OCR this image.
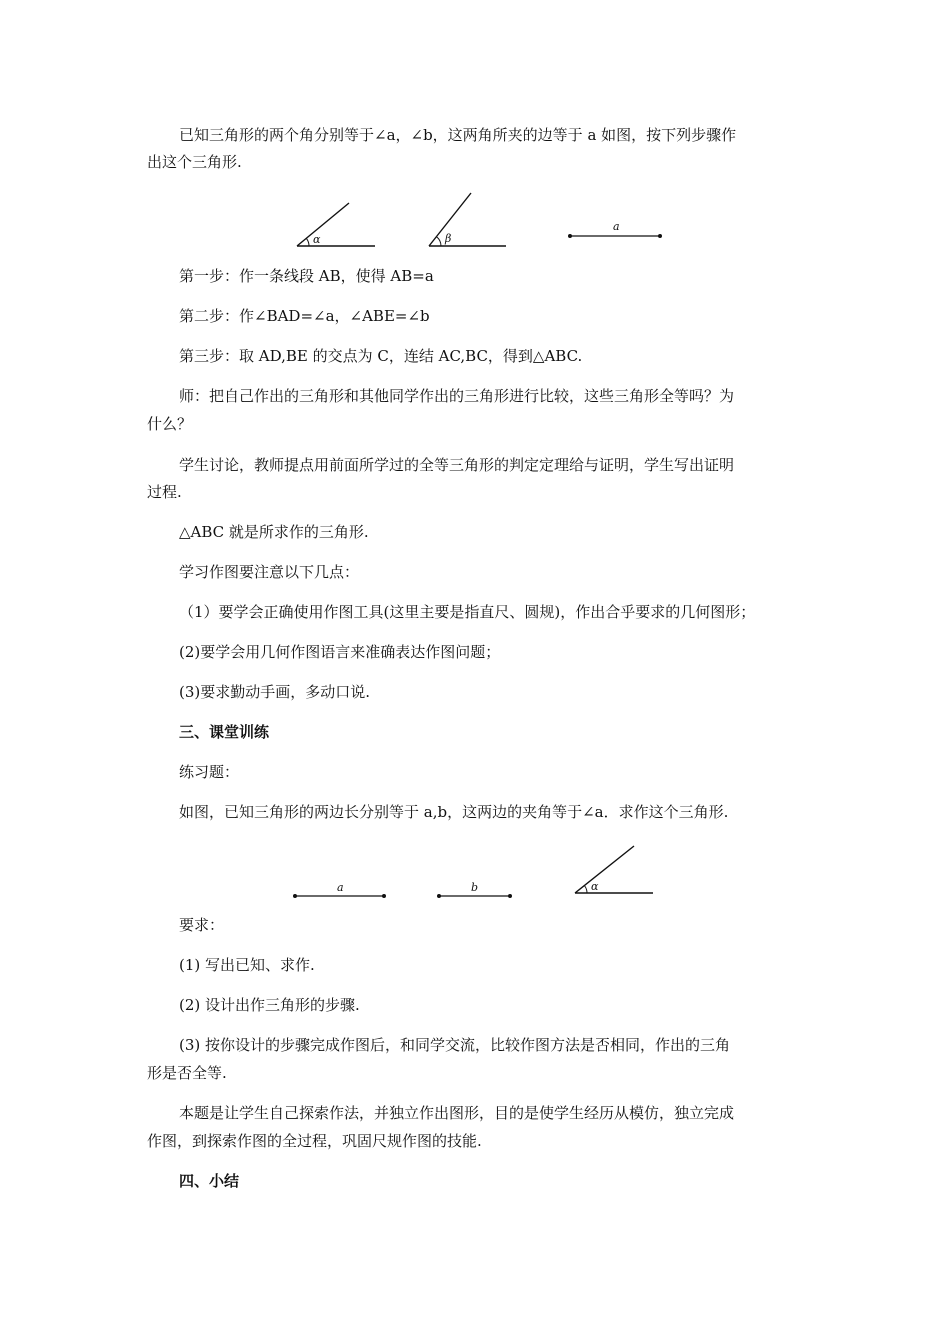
已知三角形的两个角分别等于∠a，∠b，这两角所夹的边等于 a 如图，按下列步骤作
出这个三角形.
α	β
a
第一步：作一条线段 AB，使得 AB=a
第二步：作∠BAD=∠a，∠ABE=∠b
第三步：取 AD,BE 的交点为 C，连结 AC,BC，得到△ABC.
师：把自己作出的三角形和其他同学作出的三角形进行比较，这些三角形全等吗？为
什么？
学生讨论，教师提点用前面所学过的全等三角形的判定定理给与证明，学生写出证明
过程.
△ABC 就是所求作的三角形.
学习作图要注意以下几点：
（1）要学会正确使用作图工具(这里主要是指直尺、圆规)，作出合乎要求的几何图形；
(2)要学会用几何作图语言来准确表达作图问题；
(3)要求勤动手画，多动口说.
三、课堂训练
练习题：
如图，已知三角形的两边长分别等于 a,b，这两边的夹角等于∠a．求作这个三角形.
a	b	α
要求：
(1) 写出已知、求作.
(2) 设计出作三角形的步骤.
(3) 按你设计的步骤完成作图后，和同学交流，比较作图方法是否相同，作出的三角
形是否全等.
本题是让学生自己探索作法，并独立作出图形，目的是使学生经历从模仿，独立完成
作图，到探索作图的全过程，巩固尺规作图的技能.
四、小结
